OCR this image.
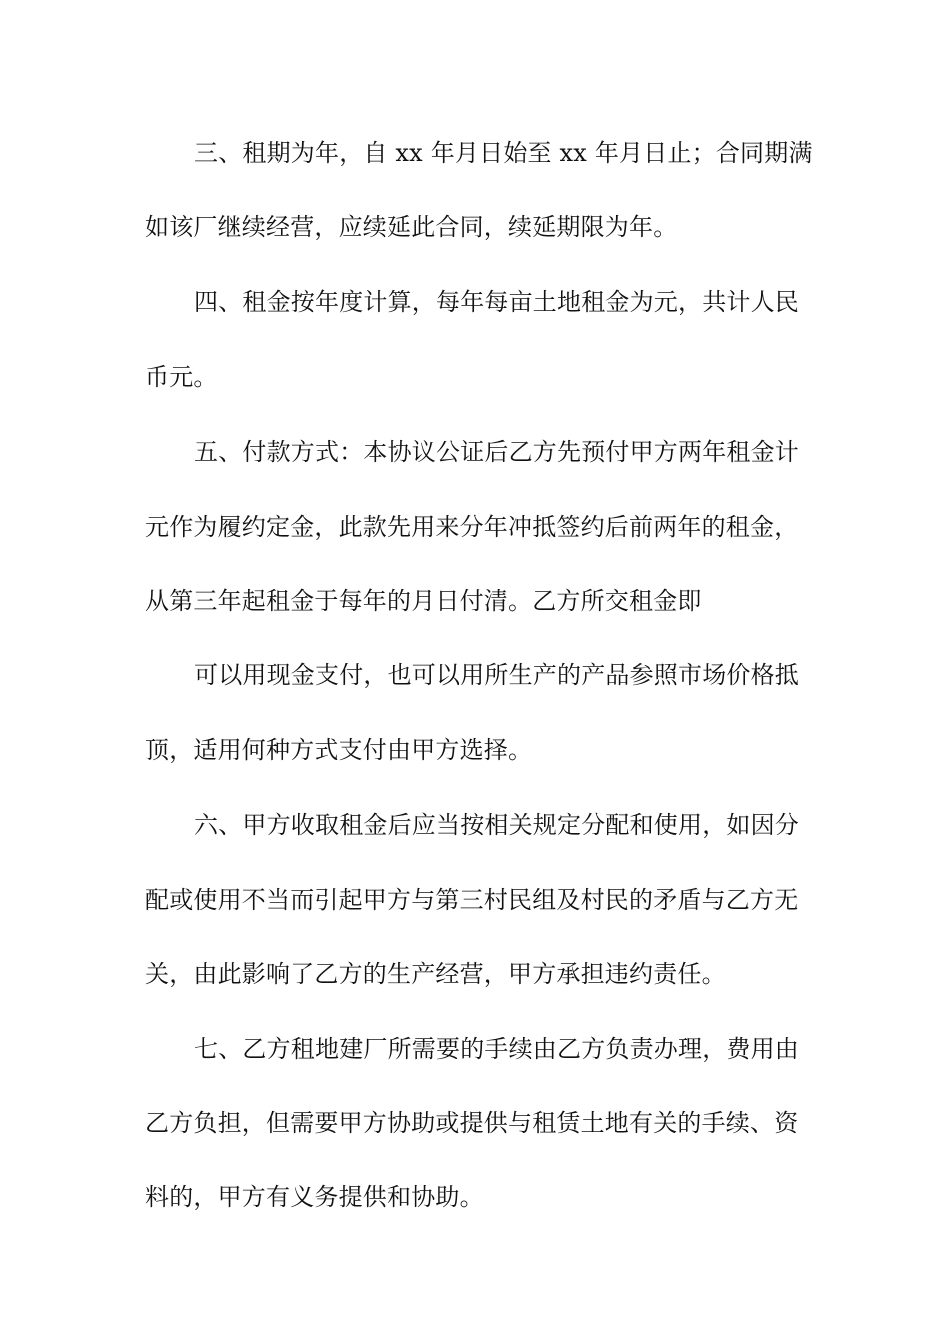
三、租期为年，自 xx 年月日始至 xx 年月日止；合同期满
如该厂继续经营，应续延此合同，续延期限为年。
四、租金按年度计算，每年每亩土地租金为元，共计人民
币元。
五、付款方式：本协议公证后乙方先预付甲方两年租金计
元作为履约定金，此款先用来分年冲抵签约后前两年的租金，
从第三年起租金于每年的月日付清。乙方所交租金即
可以用现金支付，也可以用所生产的产品参照市场价格抵
顶，适用何种方式支付由甲方选择。
六、甲方收取租金后应当按相关规定分配和使用，如因分
配或使用不当而引起甲方与第三村民组及村民的矛盾与乙方无
关，由此影响了乙方的生产经营，甲方承担违约责任。
七、乙方租地建厂所需要的手续由乙方负责办理，费用由
乙方负担，但需要甲方协助或提供与租赁土地有关的手续、资
料的，甲方有义务提供和协助。
